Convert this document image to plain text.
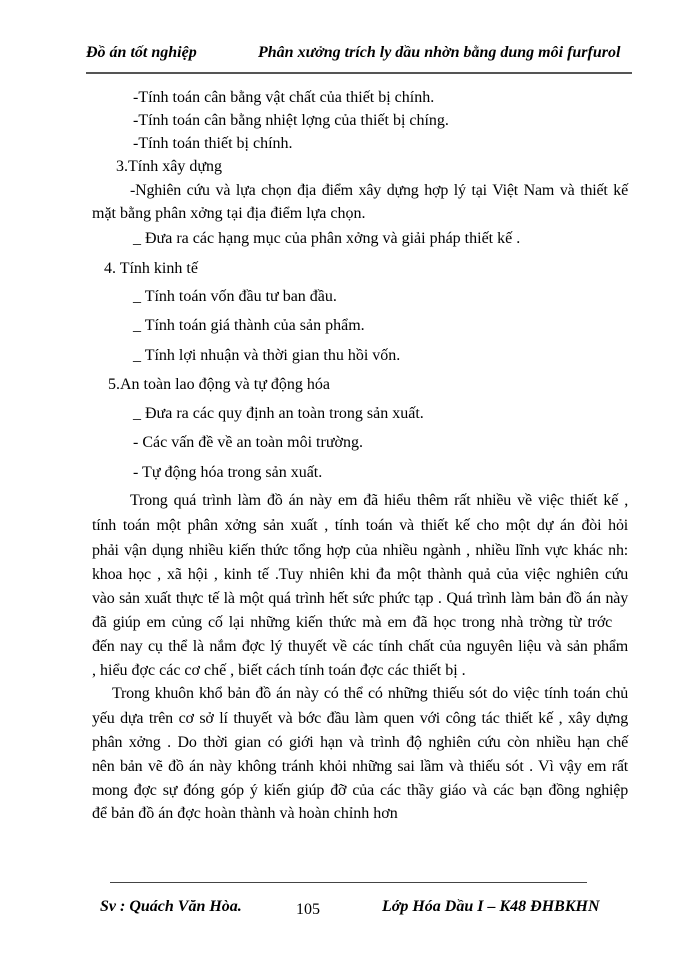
Đồ án tốt nghiệp	Phân xưởng trích ly dầu nhờn bằng dung môi furfurol
-Tính toán cân bằng vật chất của thiết bị chính.
-Tính toán cân bằng nhiệt lợng của thiết bị chíng.
-Tính toán thiết bị chính.
3.Tính xây dựng
-Nghiên cứu và lựa chọn địa điểm xây dựng hợp lý tại Việt Nam và thiết kế
mặt bằng phân xởng tại địa điểm lựa chọn.
_ Đưa ra các hạng mục của phân xởng và giải pháp thiết kế .
4. Tính kinh tế
_ Tính toán vốn đầu tư ban đầu.
_ Tính toán giá thành của sản phẩm.
_ Tính lợi nhuận và thời gian thu hồi vốn.
5.An toàn lao động và tự động hóa
_ Đưa ra các quy định an toàn trong sản xuất.
- Các vấn đề về an toàn môi trường.
- Tự động hóa trong sản xuất.
Trong quá trình làm đồ án này em đã hiểu thêm rất nhiều về việc thiết kế ,
tính toán một phân xởng sản xuất , tính toán và thiết kế cho một dự án đòi hỏi
phải vận dụng nhiều kiến thức tổng hợp của nhiều ngành , nhiều lĩnh vực khác nh:
khoa học , xã hội , kinh tế .Tuy nhiên khi đa một thành quả của việc nghiên cứu
vào sản xuất thực tế là một quá trình hết sức phức tạp . Quá trình làm bản đồ án này
đã giúp em củng cố lại những kiến thức mà em đã học trong nhà trờng từ trớc
đến nay cụ thể là nắm đợc lý thuyết về các tính chất của nguyên liệu và sản phẩm
, hiểu đợc các cơ chế , biết cách tính toán đợc các thiết bị .
Trong khuôn khổ bản đồ án này có thể có những thiếu sót do việc tính toán chủ
yếu dựa trên cơ sở lí thuyết và bớc đầu làm quen với công tác thiết kế , xây dựng
phân xởng . Do thời gian có giới hạn và trình độ nghiên cứu còn nhiều hạn chế
nên bản vẽ đồ án này không tránh khỏi những sai lầm và thiếu sót . Vì vậy em rất
mong đợc sự đóng góp ý kiến giúp đỡ của các thầy giáo và các bạn đồng nghiệp
để bản đồ án đợc hoàn thành và hoàn chỉnh hơn
Sv : Quách Văn Hòa.	105	Lớp Hóa Dầu I – K48 ĐHBKHN
